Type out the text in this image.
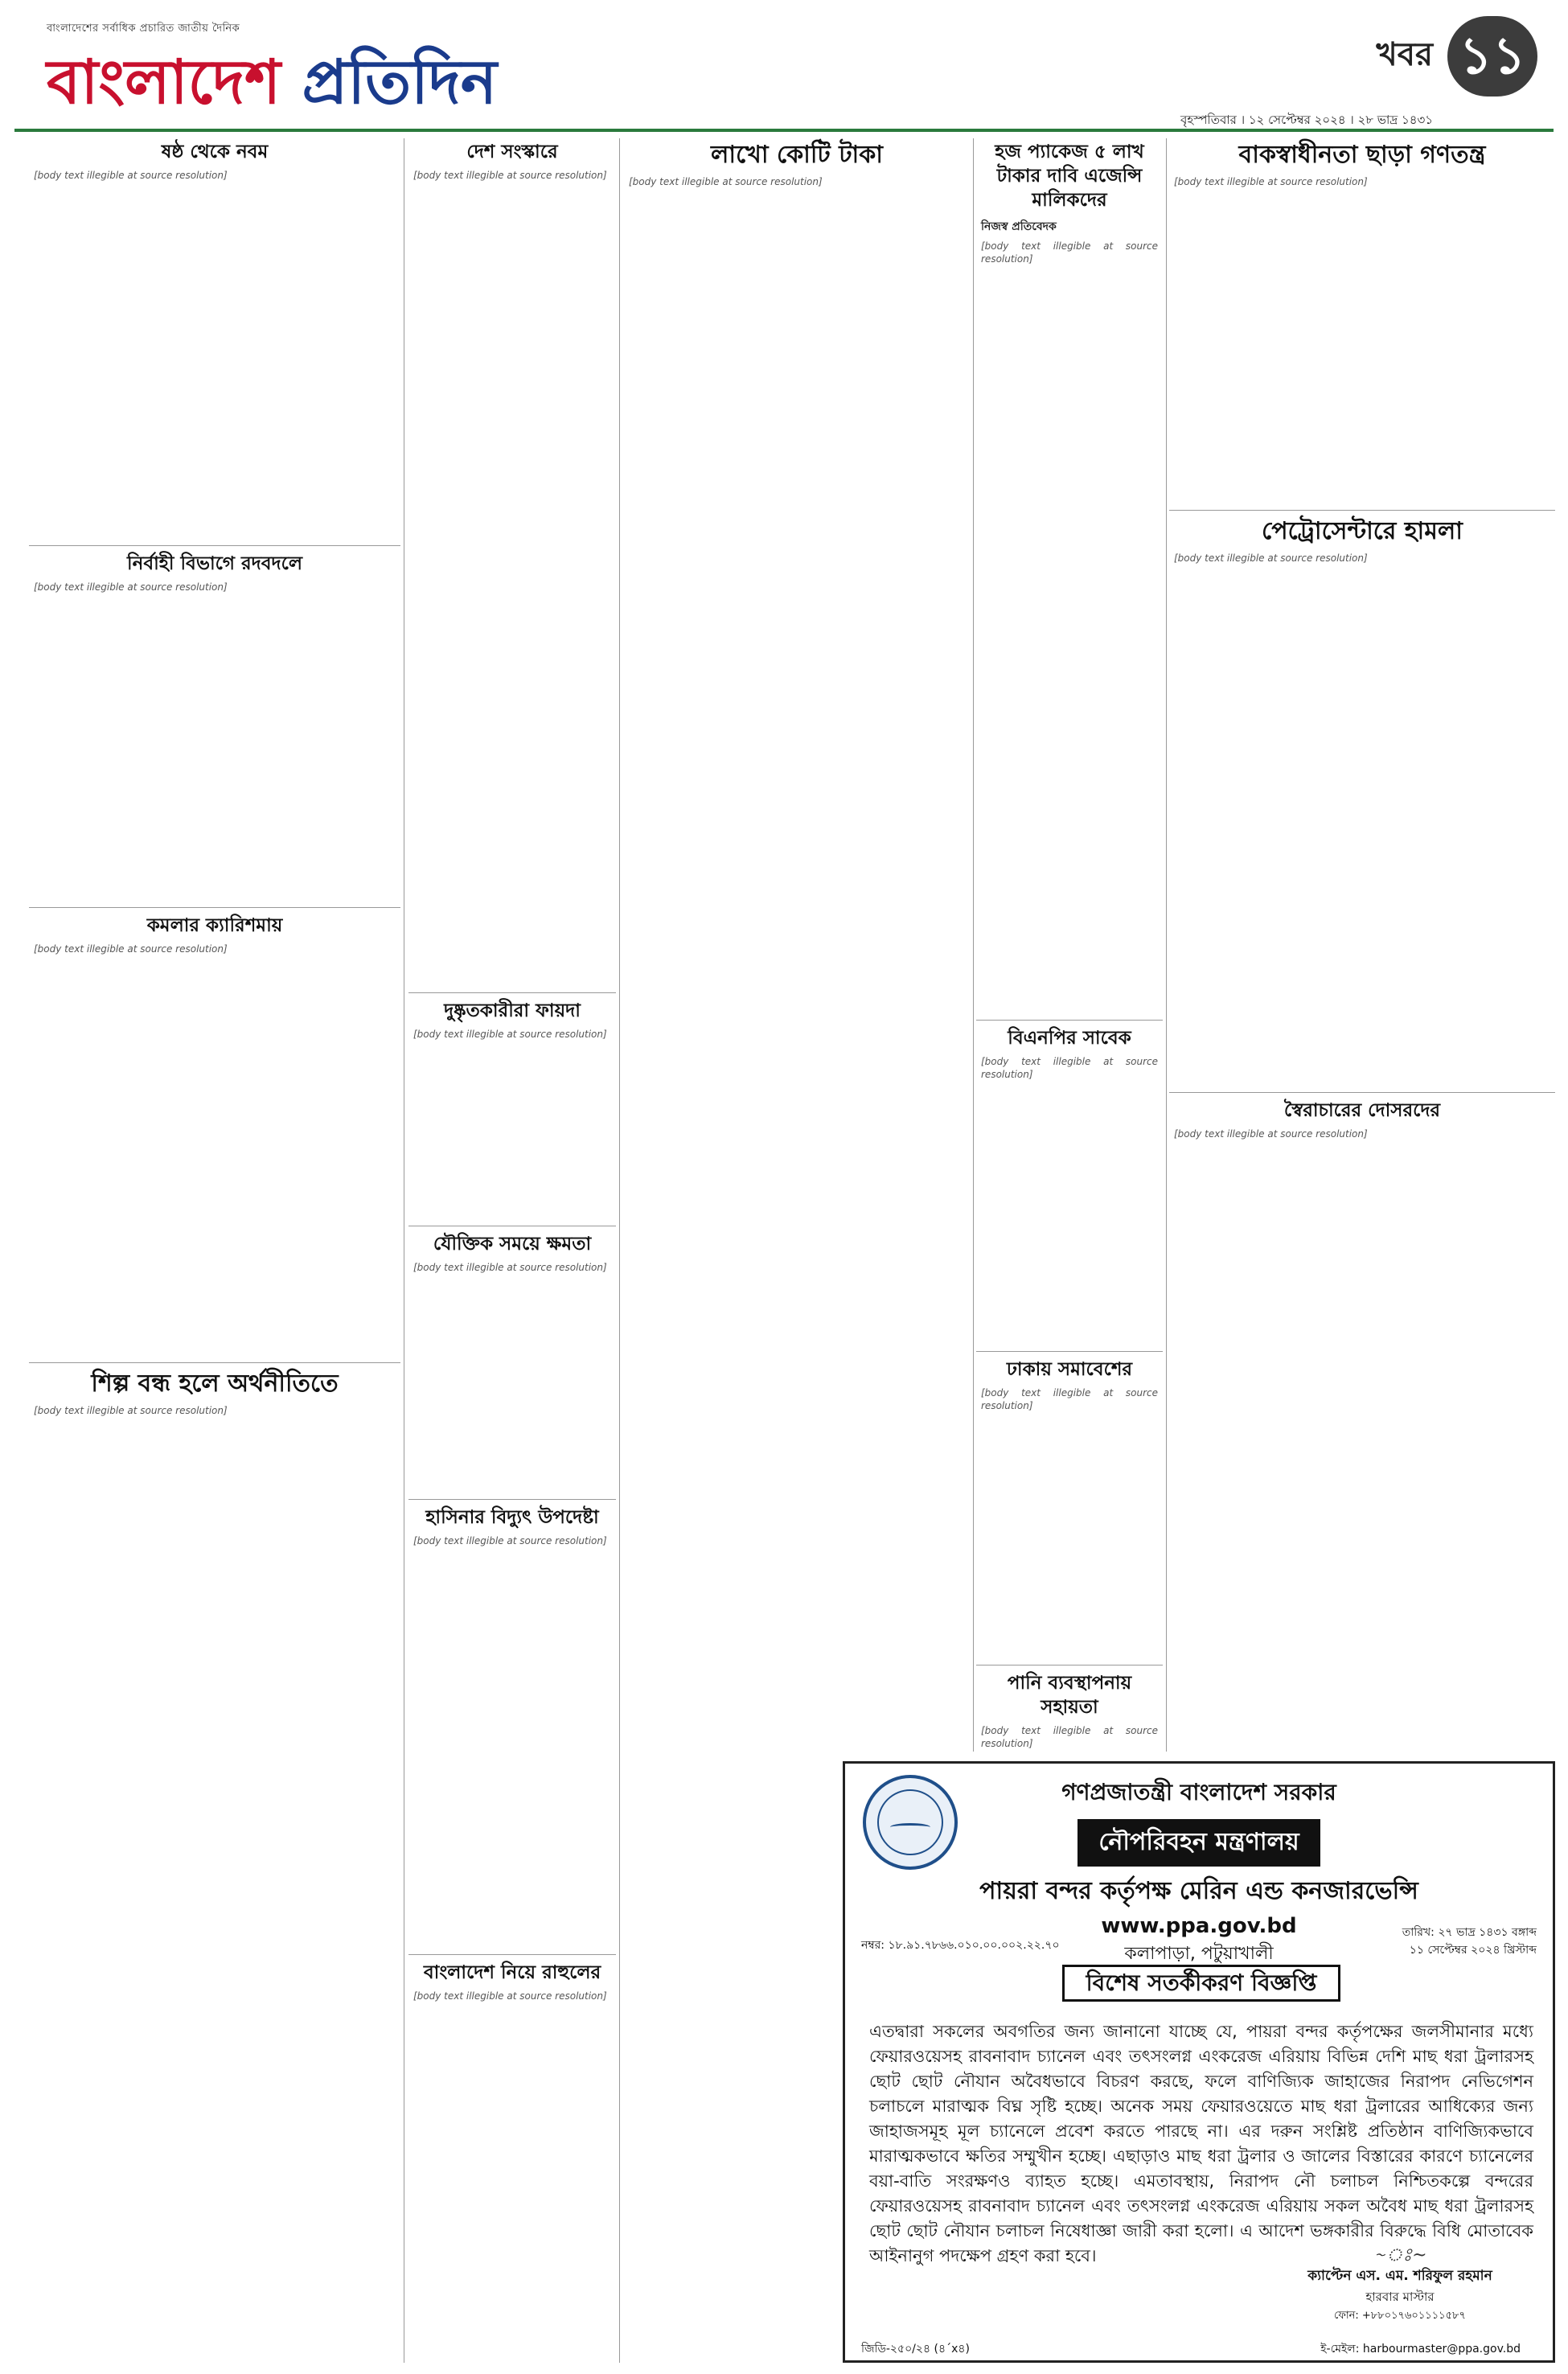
বাংলাদেশের সর্বাধিক প্রচারিত জাতীয় দৈনিক
বাংলাদেশ প্রতিদিন	খবর ১১
বৃহস্পতিবার । ১২ সেপ্টেম্বর ২০২৪ । ২৮ ভাদ্র ১৪৩১
ষষ্ঠ থেকে নবম
[body text illegible at source resolution]
নির্বাহী বিভাগে রদবদলে
[body text illegible at source resolution]
কমলার ক্যারিশমায়
[body text illegible at source resolution]
শিল্প বন্ধ হলে অর্থনীতিতে
[body text illegible at source resolution]
দেশ সংস্কারে
[body text illegible at source resolution]
দুষ্কৃতকারীরা ফায়দা
[body text illegible at source resolution]
যৌক্তিক সময়ে ক্ষমতা
[body text illegible at source resolution]
হাসিনার বিদ্যুৎ উপদেষ্টা
[body text illegible at source resolution]
বাংলাদেশ নিয়ে রাহুলের
[body text illegible at source resolution]
লাখো কোটি টাকা
[body text illegible at source resolution]
হজ প্যাকেজ ৫ লাখ টাকার দাবি এজেন্সি মালিকদের
নিজস্ব প্রতিবেদক
[body text illegible at source resolution]
বিএনপির সাবেক
[body text illegible at source resolution]
ঢাকায় সমাবেশের
[body text illegible at source resolution]
পানি ব্যবস্থাপনায় সহায়তা
[body text illegible at source resolution]
বাকস্বাধীনতা ছাড়া গণতন্ত্র
[body text illegible at source resolution]
পেট্রোসেন্টারে হামলা
[body text illegible at source resolution]
স্বৈরাচারের দোসরদের
[body text illegible at source resolution]
গণপ্রজাতন্ত্রী বাংলাদেশ সরকার
নৌপরিবহন মন্ত্রণালয়
পায়রা বন্দর কর্তৃপক্ষ মেরিন এন্ড কনজারভেন্সি
www.ppa.gov.bd
কলাপাড়া, পটুয়াখালী
নম্বর: ১৮.৯১.৭৮৬৬.০১০.০০.০০২.২২.৭০
তারিখ: ২৭ ভাদ্র ১৪৩১ বঙ্গাব্দ
১১ সেপ্টেম্বর ২০২৪ খ্রিস্টাব্দ
বিশেষ সতর্কীকরণ বিজ্ঞপ্তি
এতদ্বারা সকলের অবগতির জন্য জানানো যাচ্ছে যে, পায়রা বন্দর কর্তৃপক্ষের জলসীমানার মধ্যে ফেয়ারওয়েসহ রাবনাবাদ চ্যানেল এবং তৎসংলগ্ন এংকরেজ এরিয়ায় বিভিন্ন দেশি মাছ ধরা ট্রলারসহ ছোট ছোট নৌযান অবৈধভাবে বিচরণ করছে, ফলে বাণিজ্যিক জাহাজের নিরাপদ নেভিগেশন চলাচলে মারাত্মক বিঘ্ন সৃষ্টি হচ্ছে। অনেক সময় ফেয়ারওয়েতে মাছ ধরা ট্রলারের আধিক্যের জন্য জাহাজসমূহ মূল চ্যানেলে প্রবেশ করতে পারছে না। এর দরুন সংশ্লিষ্ট প্রতিষ্ঠান বাণিজ্যিকভাবে মারাত্মকভাবে ক্ষতির সম্মুখীন হচ্ছে। এছাড়াও মাছ ধরা ট্রলার ও জালের বিস্তারের কারণে চ্যানেলের বয়া-বাতি সংরক্ষণও ব্যাহত হচ্ছে। এমতাবস্থায়, নিরাপদ নৌ চলাচল নিশ্চিতকল্পে বন্দরের ফেয়ারওয়েসহ রাবনাবাদ চ্যানেল এবং তৎসংলগ্ন এংকরেজ এরিয়ায় সকল অবৈধ মাছ ধরা ট্রলারসহ ছোট ছোট নৌযান চলাচল নিষেধাজ্ঞা জারী করা হলো। এ আদেশ ভঙ্গকারীর বিরুদ্ধে বিধি মোতাবেক আইনানুগ পদক্ষেপ গ্রহণ করা হবে।	~ঃ~
ক্যাপ্টেন এস. এম. শরিফুল রহমান
হারবার মাস্টার
ফোন: +৮৮০১৭৬০১১১১৫৮৭
জিডি-২৫০/২৪ (৪´x৪)	ই-মেইল: harbourmaster@ppa.gov.bd
